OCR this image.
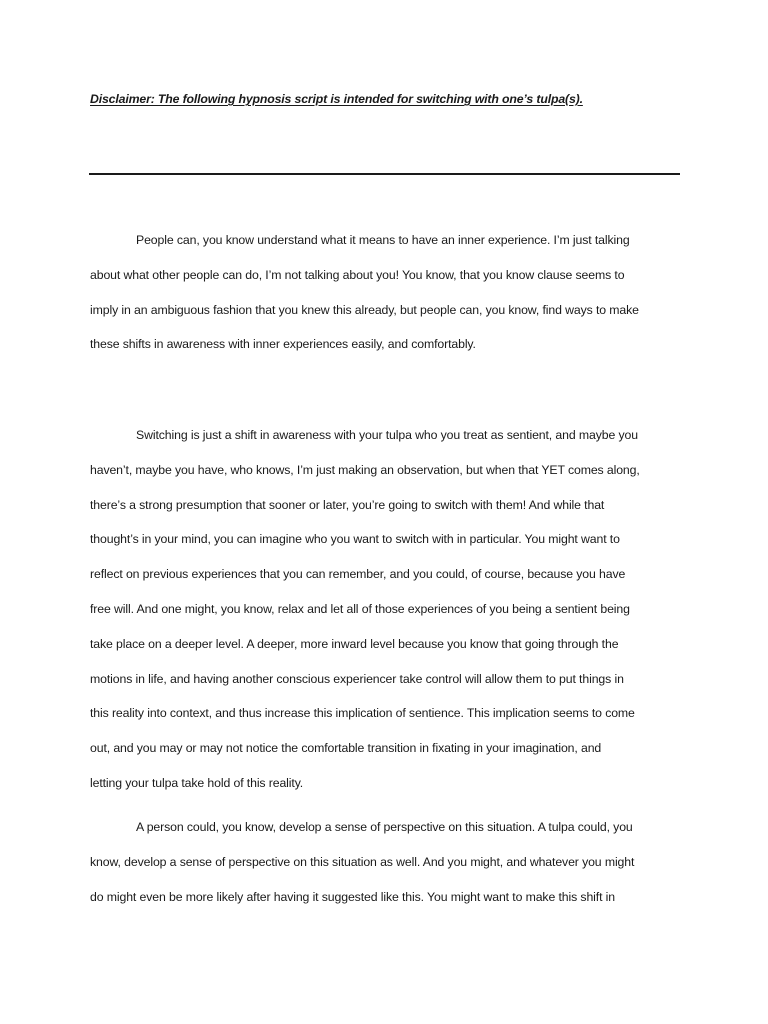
Disclaimer: The following hypnosis script is intended for switching with one’s tulpa(s).
People can, you know understand what it means to have an inner experience. I’m just talking
about what other people can do, I’m not talking about you! You know, that you know clause seems to
imply in an ambiguous fashion that you knew this already, but people can, you know, find ways to make
these shifts in awareness with inner experiences easily, and comfortably.
Switching is just a shift in awareness with your tulpa who you treat as sentient, and maybe you
haven’t, maybe you have, who knows, I’m just making an observation, but when that YET comes along,
there’s a strong presumption that sooner or later, you’re going to switch with them! And while that
thought’s in your mind, you can imagine who you want to switch with in particular. You might want to
reflect on previous experiences that you can remember, and you could, of course, because you have
free will. And one might, you know, relax and let all of those experiences of you being a sentient being
take place on a deeper level. A deeper, more inward level because you know that going through the
motions in life, and having another conscious experiencer take control will allow them to put things in
this reality into context, and thus increase this implication of sentience. This implication seems to come
out, and you may or may not notice the comfortable transition in fixating in your imagination, and
letting your tulpa take hold of this reality.
A person could, you know, develop a sense of perspective on this situation. A tulpa could, you
know, develop a sense of perspective on this situation as well. And you might, and whatever you might
do might even be more likely after having it suggested like this. You might want to make this shift in
